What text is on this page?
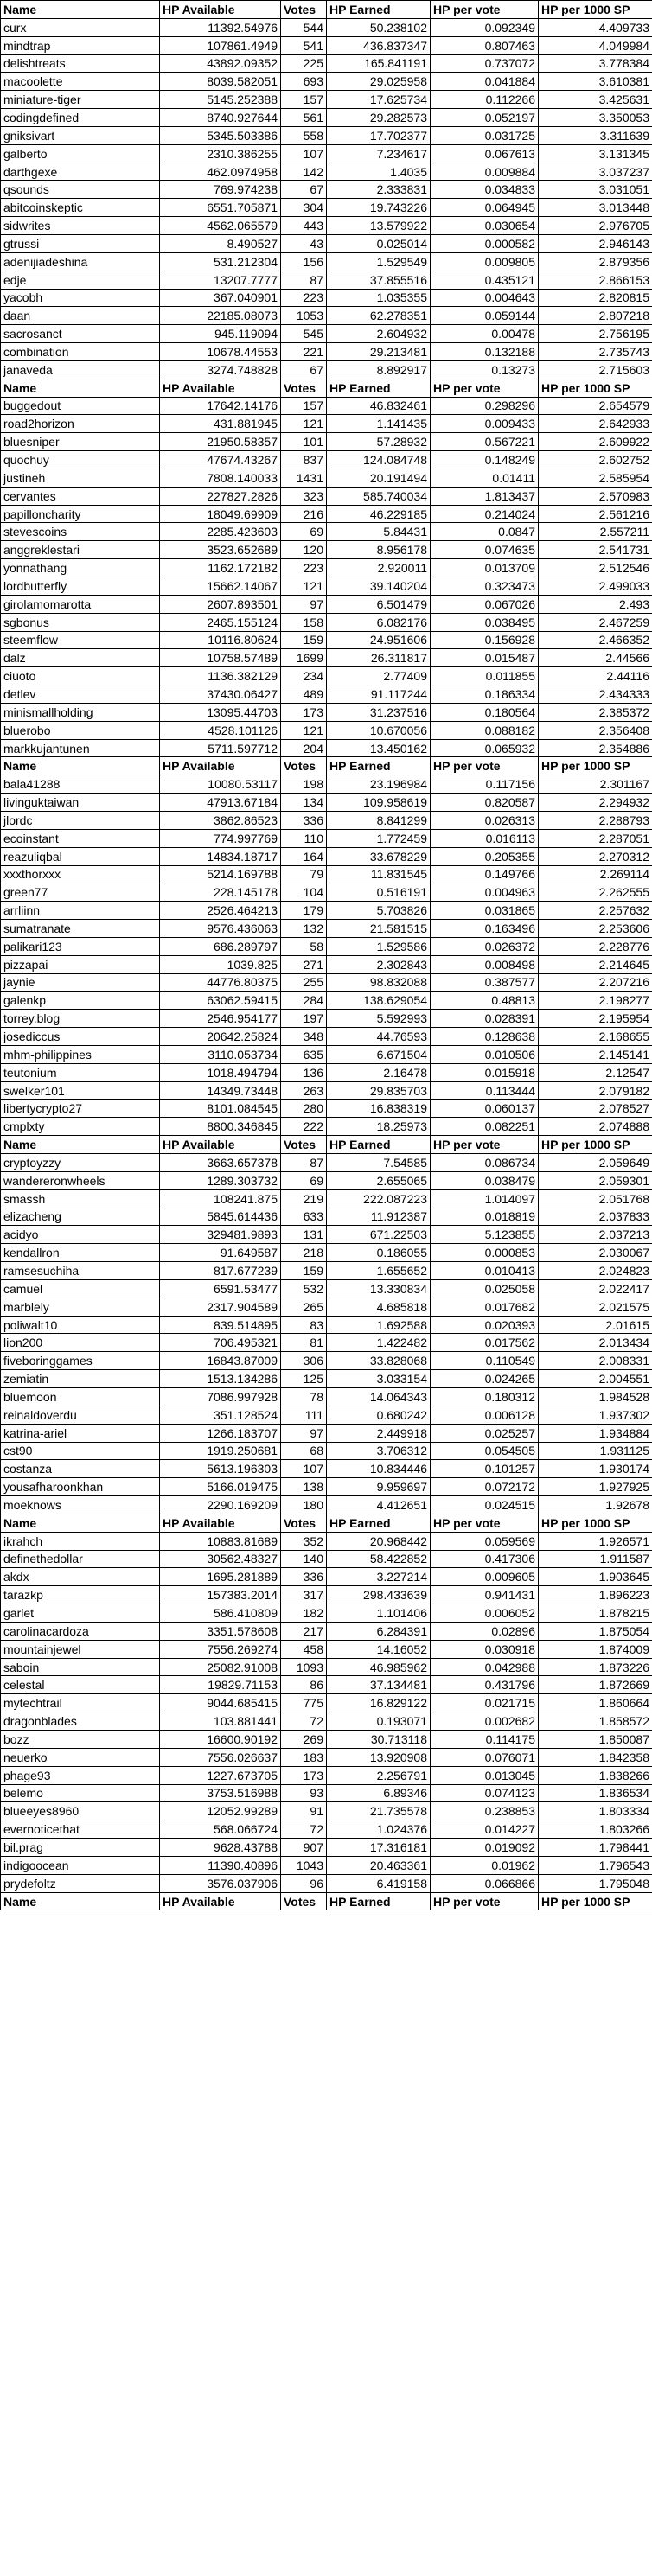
Name	HP Available	Votes	HP Earned	HP per vote	HP per 1000 SP
curx	11392.54976	544	50.238102	0.092349	4.409733
mindtrap	107861.4949	541	436.837347	0.807463	4.049984
delishtreats	43892.09352	225	165.841191	0.737072	3.778384
macoolette	8039.582051	693	29.025958	0.041884	3.610381
miniature-tiger	5145.252388	157	17.625734	0.112266	3.425631
codingdefined	8740.927644	561	29.282573	0.052197	3.350053
gniksivart	5345.503386	558	17.702377	0.031725	3.311639
galberto	2310.386255	107	7.234617	0.067613	3.131345
darthgexe	462.0974958	142	1.4035	0.009884	3.037237
qsounds	769.974238	67	2.333831	0.034833	3.031051
abitcoinskeptic	6551.705871	304	19.743226	0.064945	3.013448
sidwrites	4562.065579	443	13.579922	0.030654	2.976705
gtrussi	8.490527	43	0.025014	0.000582	2.946143
adenijiadeshina	531.212304	156	1.529549	0.009805	2.879356
edje	13207.7777	87	37.855516	0.435121	2.866153
yacobh	367.040901	223	1.035355	0.004643	2.820815
daan	22185.08073	1053	62.278351	0.059144	2.807218
sacrosanct	945.119094	545	2.604932	0.00478	2.756195
combination	10678.44553	221	29.213481	0.132188	2.735743
janaveda	3274.748828	67	8.892917	0.13273	2.715603
Name	HP Available	Votes	HP Earned	HP per vote	HP per 1000 SP
buggedout	17642.14176	157	46.832461	0.298296	2.654579
road2horizon	431.881945	121	1.141435	0.009433	2.642933
bluesniper	21950.58357	101	57.28932	0.567221	2.609922
quochuy	47674.43267	837	124.084748	0.148249	2.602752
justineh	7808.140033	1431	20.191494	0.01411	2.585954
cervantes	227827.2826	323	585.740034	1.813437	2.570983
papilloncharity	18049.69909	216	46.229185	0.214024	2.561216
stevescoins	2285.423603	69	5.84431	0.0847	2.557211
anggreklestari	3523.652689	120	8.956178	0.074635	2.541731
yonnathang	1162.172182	223	2.920011	0.013709	2.512546
lordbutterfly	15662.14067	121	39.140204	0.323473	2.499033
girolamomarotta	2607.893501	97	6.501479	0.067026	2.493
sgbonus	2465.155124	158	6.082176	0.038495	2.467259
steemflow	10116.80624	159	24.951606	0.156928	2.466352
dalz	10758.57489	1699	26.311817	0.015487	2.44566
ciuoto	1136.382129	234	2.77409	0.011855	2.44116
detlev	37430.06427	489	91.117244	0.186334	2.434333
minismallholding	13095.44703	173	31.237516	0.180564	2.385372
bluerobo	4528.101126	121	10.670056	0.088182	2.356408
markkujantunen	5711.597712	204	13.450162	0.065932	2.354886
Name	HP Available	Votes	HP Earned	HP per vote	HP per 1000 SP
bala41288	10080.53117	198	23.196984	0.117156	2.301167
livinguktaiwan	47913.67184	134	109.958619	0.820587	2.294932
jlordc	3862.86523	336	8.841299	0.026313	2.288793
ecoinstant	774.997769	110	1.772459	0.016113	2.287051
reazuliqbal	14834.18717	164	33.678229	0.205355	2.270312
xxxthorxxx	5214.169788	79	11.831545	0.149766	2.269114
green77	228.145178	104	0.516191	0.004963	2.262555
arrliinn	2526.464213	179	5.703826	0.031865	2.257632
sumatranate	9576.436063	132	21.581515	0.163496	2.253606
palikari123	686.289797	58	1.529586	0.026372	2.228776
pizzapai	1039.825	271	2.302843	0.008498	2.214645
jaynie	44776.80375	255	98.832088	0.387577	2.207216
galenkp	63062.59415	284	138.629054	0.48813	2.198277
torrey.blog	2546.954177	197	5.592993	0.028391	2.195954
josediccus	20642.25824	348	44.76593	0.128638	2.168655
mhm-philippines	3110.053734	635	6.671504	0.010506	2.145141
teutonium	1018.494794	136	2.16478	0.015918	2.12547
swelker101	14349.73448	263	29.835703	0.113444	2.079182
libertycrypto27	8101.084545	280	16.838319	0.060137	2.078527
cmplxty	8800.346845	222	18.25973	0.082251	2.074888
Name	HP Available	Votes	HP Earned	HP per vote	HP per 1000 SP
cryptoyzzy	3663.657378	87	7.54585	0.086734	2.059649
wandereronwheels	1289.303732	69	2.655065	0.038479	2.059301
smassh	108241.875	219	222.087223	1.014097	2.051768
elizacheng	5845.614436	633	11.912387	0.018819	2.037833
acidyo	329481.9893	131	671.22503	5.123855	2.037213
kendallron	91.649587	218	0.186055	0.000853	2.030067
ramsesuchiha	817.677239	159	1.655652	0.010413	2.024823
camuel	6591.53477	532	13.330834	0.025058	2.022417
marblely	2317.904589	265	4.685818	0.017682	2.021575
poliwalt10	839.514895	83	1.692588	0.020393	2.01615
lion200	706.495321	81	1.422482	0.017562	2.013434
fiveboringgames	16843.87009	306	33.828068	0.110549	2.008331
zemiatin	1513.134286	125	3.033154	0.024265	2.004551
bluemoon	7086.997928	78	14.064343	0.180312	1.984528
reinaldoverdu	351.128524	111	0.680242	0.006128	1.937302
katrina-ariel	1266.183707	97	2.449918	0.025257	1.934884
cst90	1919.250681	68	3.706312	0.054505	1.931125
costanza	5613.196303	107	10.834446	0.101257	1.930174
yousafharoonkhan	5166.019475	138	9.959697	0.072172	1.927925
moeknows	2290.169209	180	4.412651	0.024515	1.92678
Name	HP Available	Votes	HP Earned	HP per vote	HP per 1000 SP
ikrahch	10883.81689	352	20.968442	0.059569	1.926571
definethedollar	30562.48327	140	58.422852	0.417306	1.911587
akdx	1695.281889	336	3.227214	0.009605	1.903645
tarazkp	157383.2014	317	298.433639	0.941431	1.896223
garlet	586.410809	182	1.101406	0.006052	1.878215
carolinacardoza	3351.578608	217	6.284391	0.02896	1.875054
mountainjewel	7556.269274	458	14.16052	0.030918	1.874009
saboin	25082.91008	1093	46.985962	0.042988	1.873226
celestal	19829.71153	86	37.134481	0.431796	1.872669
mytechtrail	9044.685415	775	16.829122	0.021715	1.860664
dragonblades	103.881441	72	0.193071	0.002682	1.858572
bozz	16600.90192	269	30.713118	0.114175	1.850087
neuerko	7556.026637	183	13.920908	0.076071	1.842358
phage93	1227.673705	173	2.256791	0.013045	1.838266
belemo	3753.516988	93	6.89346	0.074123	1.836534
blueeyes8960	12052.99289	91	21.735578	0.238853	1.803334
evernoticethat	568.066724	72	1.024376	0.014227	1.803266
bil.prag	9628.43788	907	17.316181	0.019092	1.798441
indigoocean	11390.40896	1043	20.463361	0.01962	1.796543
prydefoltz	3576.037906	96	6.419158	0.066866	1.795048
Name	HP Available	Votes	HP Earned	HP per vote	HP per 1000 SP
